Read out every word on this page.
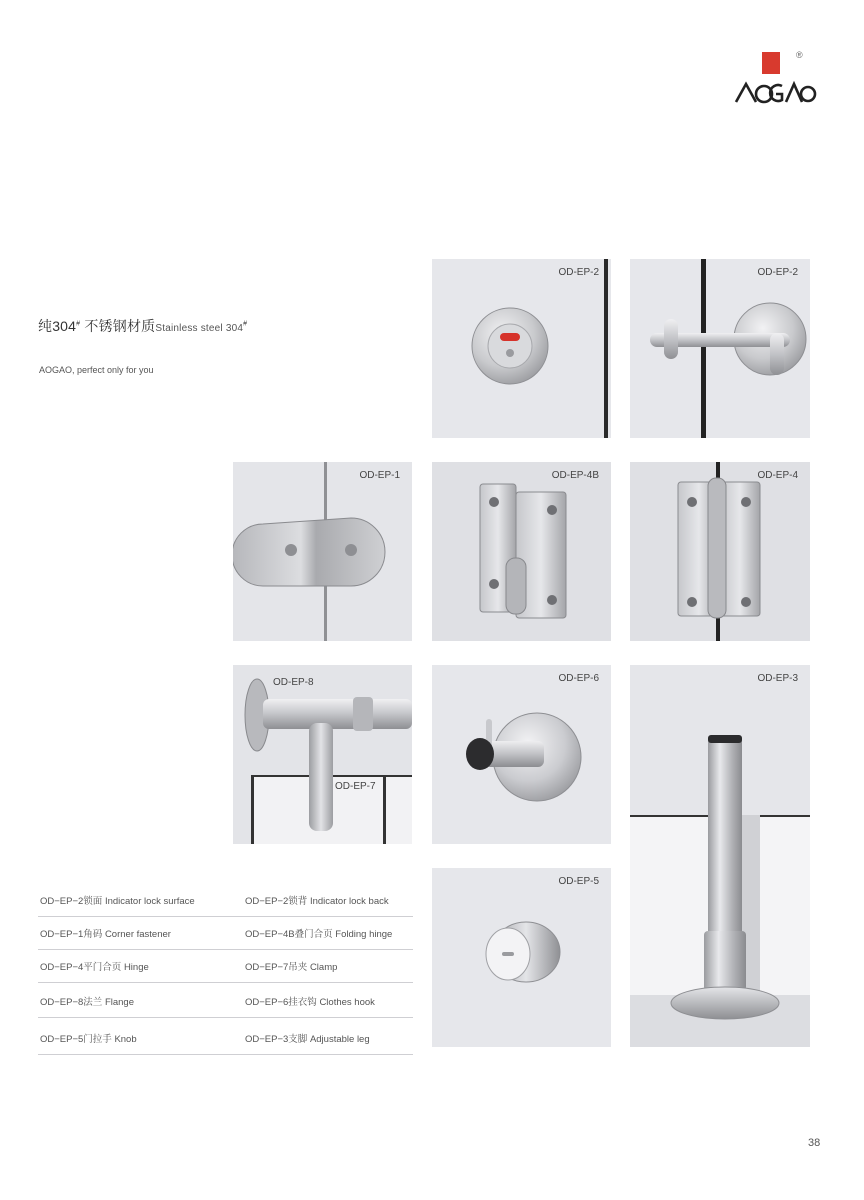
®
纯304# 不锈钢材质Stainless steel 304#
AOGAO, perfect only for you
OD-EP-2	OD-EP-2
OD-EP-1	OD-EP-4B	OD-EP-4
OD-EP-8
OD-EP-7
OD-EP-6	OD-EP-3
OD-EP-5
OD−EP−2锁面 Indicator lock surface	OD−EP−2锁背 Indicator lock back
OD−EP−1角码 Corner fastener	OD−EP−4B叠门合页 Folding hinge
OD−EP−4平门合页 Hinge	OD−EP−7吊夹 Clamp
OD−EP−8法兰 Flange	OD−EP−6挂衣钩 Clothes hook
OD−EP−5门拉手 Knob	OD−EP−3支脚 Adjustable leg
38
